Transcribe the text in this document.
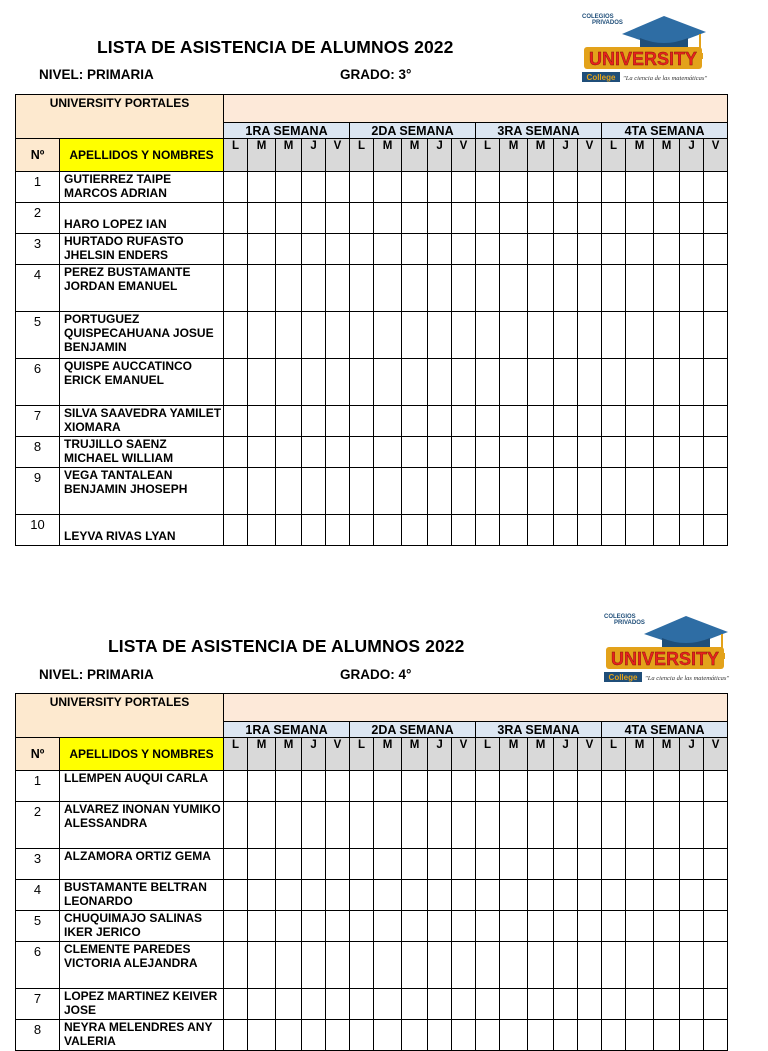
LISTA DE ASISTENCIA DE ALUMNOS 2022
NIVEL: PRIMARIA	GRADO: 3°
UNIVERSITY
COLEGIOS
PRIVADOS
College "La ciencia de las matemáticas"
UNIVERSITY PORTALES																					
		1RA SEMANA					2DA SEMANA					3RA SEMANA					4TA SEMANA				
Nº	APELLIDOS Y NOMBRES	L	M	M	J	V	L	M	M	J	V	L	M	M	J	V	L	M	M	J	V
1	GUTIERREZ TAIPE MARCOS ADRIAN																				
2	HARO LOPEZ IAN																				
3	HURTADO RUFASTO JHELSIN ENDERS																				
4	PEREZ BUSTAMANTE JORDAN EMANUEL																				
5	PORTUGUEZ QUISPECAHUANA JOSUE BENJAMIN																				
6	QUISPE AUCCATINCO ERICK EMANUEL																				
7	SILVA SAAVEDRA YAMILET XIOMARA																				
8	TRUJILLO SAENZ MICHAEL WILLIAM																				
9	VEGA TANTALEAN BENJAMIN JHOSEPH																				
10	LEYVA RIVAS LYAN																				
LISTA DE ASISTENCIA DE ALUMNOS 2022
NIVEL: PRIMARIA	GRADO: 4°
UNIVERSITY
COLEGIOS
PRIVADOS
College "La ciencia de las matemáticas"
UNIVERSITY PORTALES																					
		1RA SEMANA					2DA SEMANA					3RA SEMANA					4TA SEMANA				
Nº	APELLIDOS Y NOMBRES	L	M	M	J	V	L	M	M	J	V	L	M	M	J	V	L	M	M	J	V
1	LLEMPEN AUQUI CARLA																				
2	ALVAREZ INONAN YUMIKO ALESSANDRA																				
3	ALZAMORA ORTIZ GEMA																				
4	BUSTAMANTE BELTRAN LEONARDO																				
5	CHUQUIMAJO SALINAS IKER JERICO																				
6	CLEMENTE PAREDES VICTORIA ALEJANDRA																				
7	LOPEZ MARTINEZ KEIVER JOSE																				
8	NEYRA MELENDRES ANY VALERIA																				
